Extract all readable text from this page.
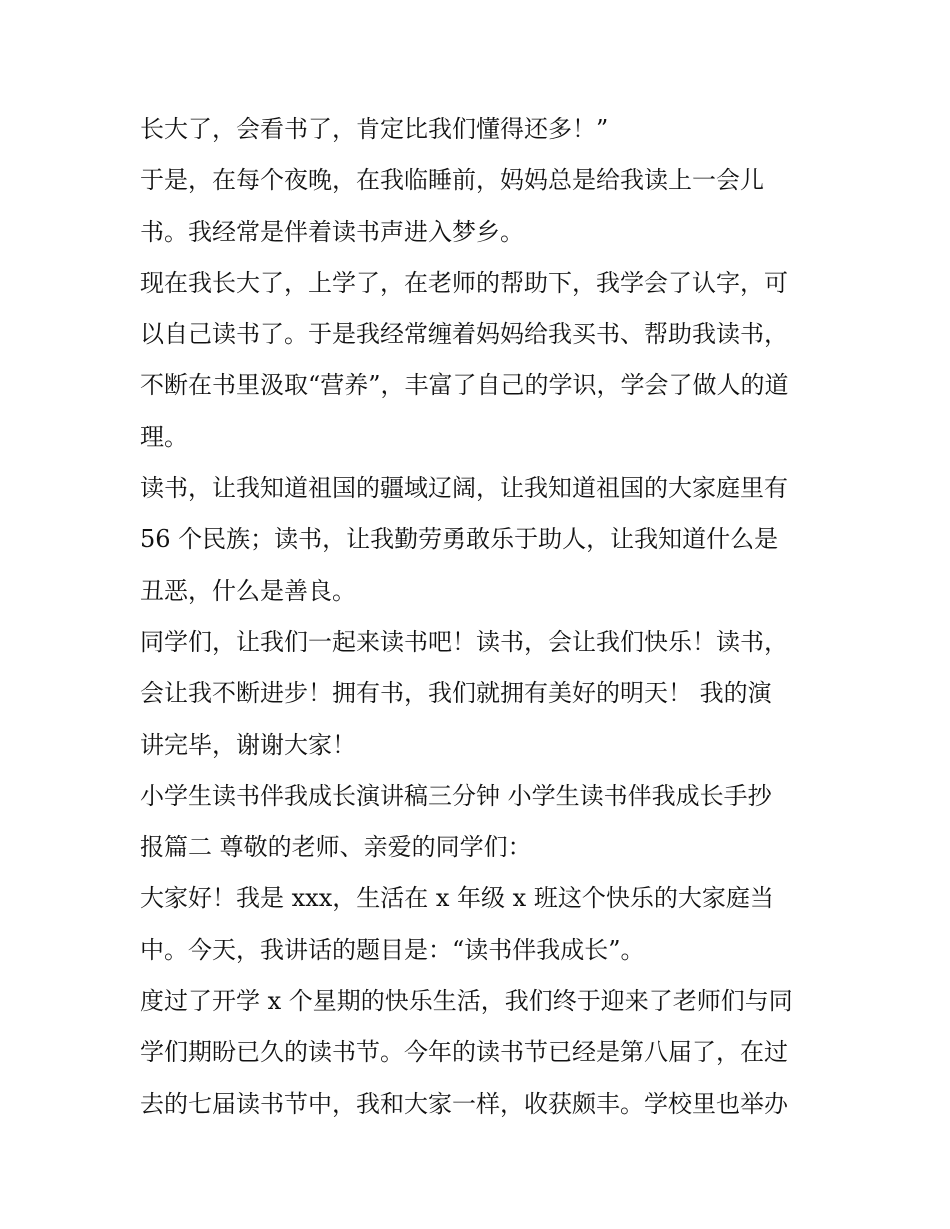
长大了，会看书了，肯定比我们懂得还多！”
于是，在每个夜晚，在我临睡前，妈妈总是给我读上一会儿
书。我经常是伴着读书声进入梦乡。
现在我长大了，上学了，在老师的帮助下，我学会了认字，可
以自己读书了。于是我经常缠着妈妈给我买书、帮助我读书，
不断在书里汲取“营养”，丰富了自己的学识，学会了做人的道
理。
读书，让我知道祖国的疆域辽阔，让我知道祖国的大家庭里有
56 个民族；读书，让我勤劳勇敢乐于助人，让我知道什么是
丑恶，什么是善良。
同学们，让我们一起来读书吧！读书，会让我们快乐！读书，
会让我不断进步！拥有书，我们就拥有美好的明天！ 我的演
讲完毕，谢谢大家！
小学生读书伴我成长演讲稿三分钟 小学生读书伴我成长手抄
报篇二 尊敬的老师、亲爱的同学们：
大家好！我是 xxx，生活在 x 年级 x 班这个快乐的大家庭当
中。今天，我讲话的题目是：“读书伴我成长”。
度过了开学 x 个星期的快乐生活，我们终于迎来了老师们与同
学们期盼已久的读书节。今年的读书节已经是第八届了，在过
去的七届读书节中，我和大家一样，收获颇丰。学校里也举办
